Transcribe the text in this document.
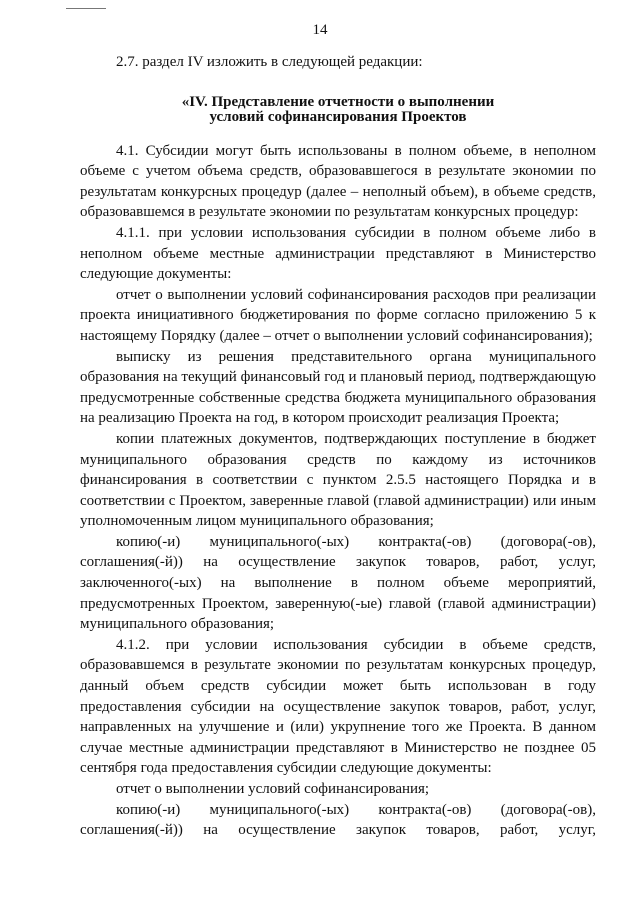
14

2.7. раздел IV изложить в следующей редакции:

«IV. Представление отчетности о выполнении
условий софинансирования Проектов

4.1. Субсидии могут быть использованы в полном объеме, в неполном объеме с учетом объема средств, образовавшегося в результате экономии по результатам конкурсных процедур (далее – неполный объем), в объеме средств, образовавшемся в результате экономии по результатам конкурсных процедур:

4.1.1. при условии использования субсидии в полном объеме либо в неполном объеме местные администрации представляют в Министерство следующие документы:

отчет о выполнении условий софинансирования расходов при реализации проекта инициативного бюджетирования по форме согласно приложению 5 к настоящему Порядку (далее – отчет о выполнении условий софинансирования);

выписку из решения представительного органа муниципального образования на текущий финансовый год и плановый период, подтверждающую предусмотренные собственные средства бюджета муниципального образования на реализацию Проекта на год, в котором происходит реализация Проекта;

копии платежных документов, подтверждающих поступление в бюджет муниципального образования средств по каждому из источников финансирования в соответствии с пунктом 2.5.5 настоящего Порядка и в соответствии с Проектом, заверенные главой (главой администрации) или иным уполномоченным лицом муниципального образования;

копию(-и) муниципального(-ых) контракта(-ов) (договора(-ов), соглашения(-й)) на осуществление закупок товаров, работ, услуг, заключенного(-ых) на выполнение в полном объеме мероприятий, предусмотренных Проектом, заверенную(-ые) главой (главой администрации) муниципального образования;

4.1.2. при условии использования субсидии в объеме средств, образовавшемся в результате экономии по результатам конкурсных процедур, данный объем средств субсидии может быть использован в году предоставления субсидии на осуществление закупок товаров, работ, услуг, направленных на улучшение и (или) укрупнение того же Проекта. В данном случае местные администрации представляют в Министерство не позднее 05 сентября года предоставления субсидии следующие документы:

отчет о выполнении условий софинансирования;

копию(-и) муниципального(-ых) контракта(-ов) (договора(-ов),

соглашения(-й)) на осуществление закупок товаров, работ, услуг,
